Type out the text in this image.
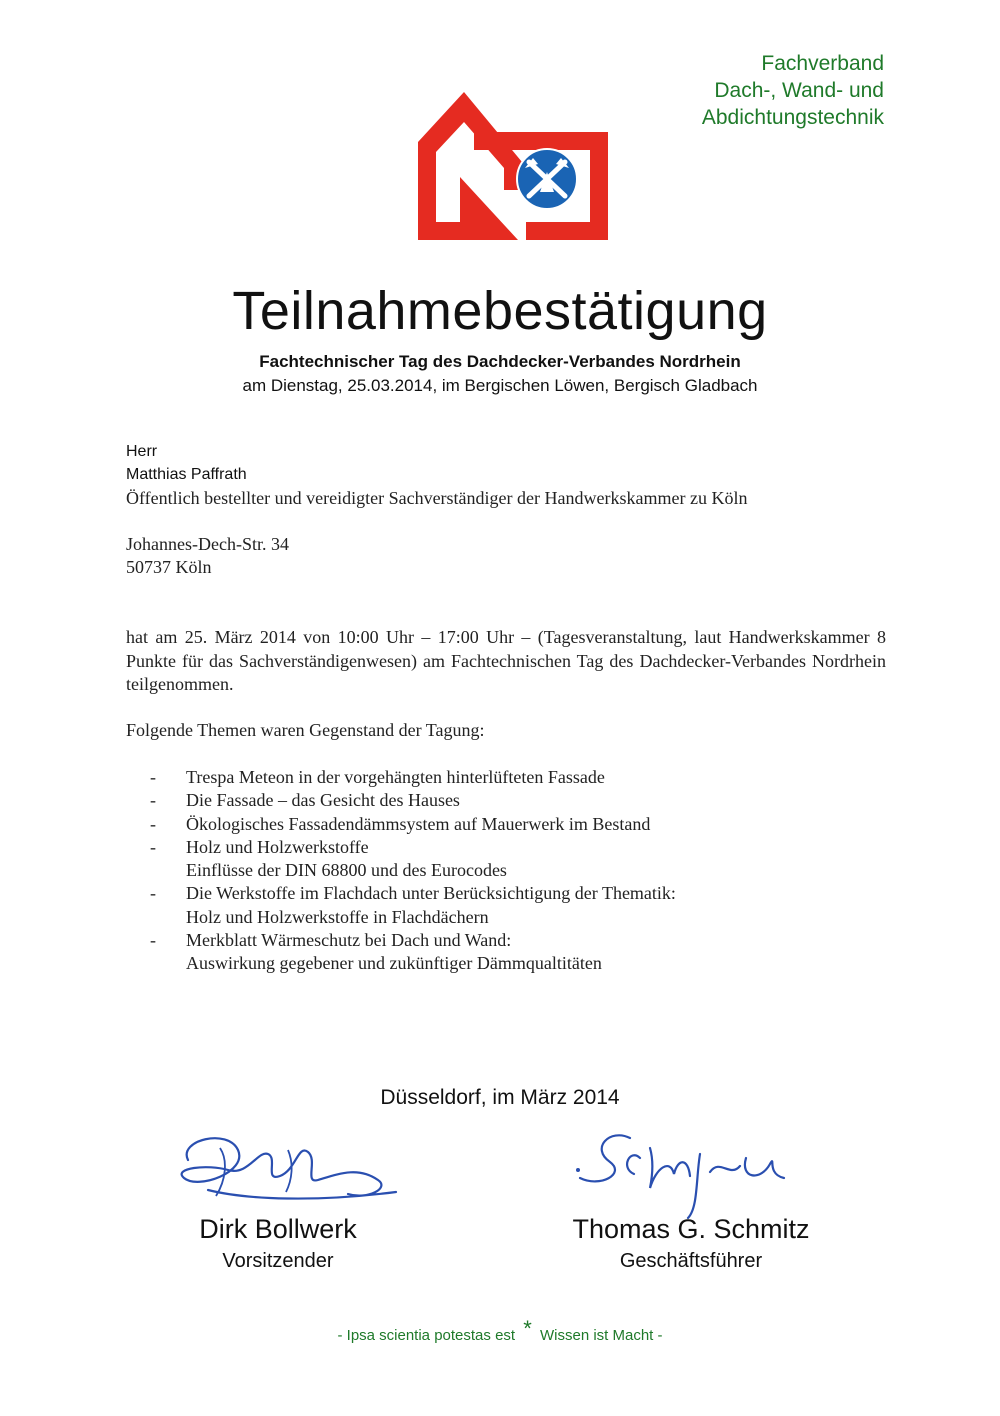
Fachverband
Dach-, Wand- und
Abdichtungstechnik
Teilnahmebestätigung
Fachtechnischer Tag des Dachdecker-Verbandes Nordrhein
am Dienstag, 25.03.2014, im Bergischen Löwen, Bergisch Gladbach
Herr
Matthias Paffrath
Öffentlich bestellter und vereidigter Sachverständiger der Handwerkskammer zu Köln
Johannes-Dech-Str. 34
50737 Köln
hat am 25. März 2014 von 10:00 Uhr – 17:00 Uhr – (Tagesveranstaltung, laut Handwerkskammer 8 Punkte für das Sachverständigenwesen) am Fachtechnischen Tag des Dachdecker-Verbandes Nordrhein teilgenommen.
Folgende Themen waren Gegenstand der Tagung:
- Trespa Meteon in der vorgehängten hinterlüfteten Fassade
- Die Fassade – das Gesicht des Hauses
- Ökologisches Fassadendämmsystem auf Mauerwerk im Bestand
- Holz und Holzwerkstoffe
Einflüsse der DIN 68800 und des Eurocodes
- Die Werkstoffe im Flachdach unter Berücksichtigung der Thematik:
Holz und Holzwerkstoffe in Flachdächern
- Merkblatt Wärmeschutz bei Dach und Wand:
Auswirkung gegebener und zukünftiger Dämmqualtitäten
Düsseldorf, im März 2014
Dirk Bollwerk
Vorsitzender
Thomas G. Schmitz
Geschäftsführer
- Ipsa scientia potestas est * Wissen ist Macht -
